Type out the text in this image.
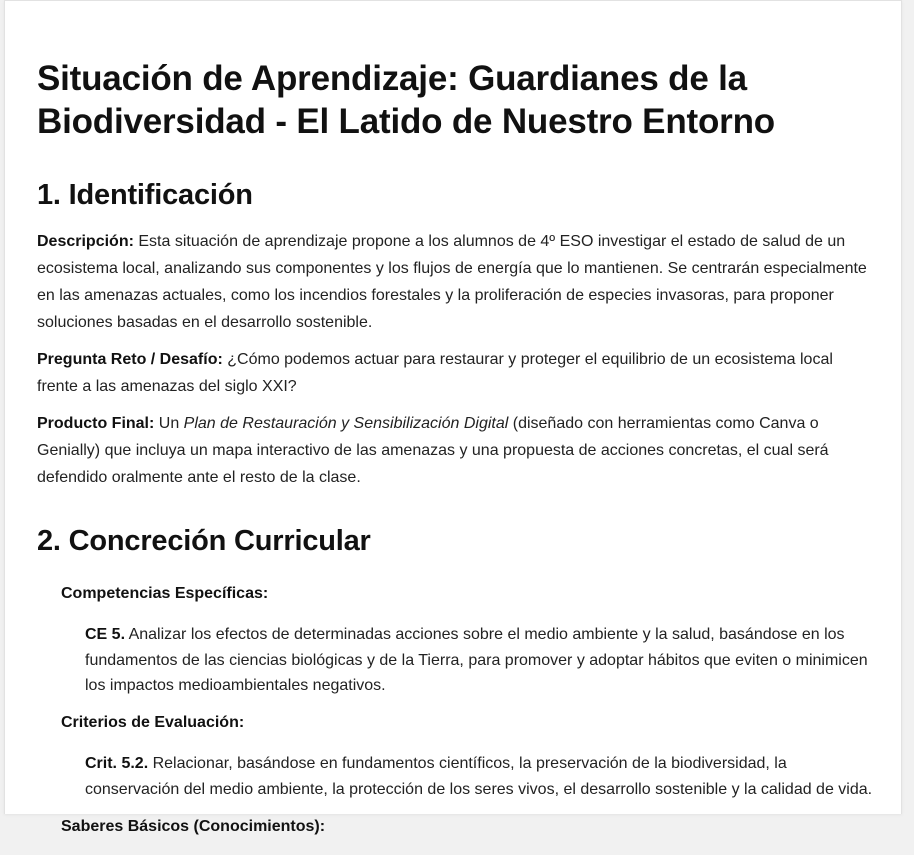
Situación de Aprendizaje: Guardianes de la Biodiversidad - El Latido de Nuestro Entorno
1. Identificación

Descripción: Esta situación de aprendizaje propone a los alumnos de 4º ESO investigar el estado de salud de un ecosistema local, analizando sus componentes y los flujos de energía que lo mantienen. Se centrarán especialmente en las amenazas actuales, como los incendios forestales y la proliferación de especies invasoras, para proponer soluciones basadas en el desarrollo sostenible.

Pregunta Reto / Desafío: ¿Cómo podemos actuar para restaurar y proteger el equilibrio de un ecosistema local frente a las amenazas del siglo XXI?

Producto Final: Un Plan de Restauración y Sensibilización Digital (diseñado con herramientas como Canva o Genially) que incluya un mapa interactivo de las amenazas y una propuesta de acciones concretas, el cual será defendido oralmente ante el resto de la clase.

2. Concreción Curricular
Competencias Específicas:
CE 5. Analizar los efectos de determinadas acciones sobre el medio ambiente y la salud, basándose en los fundamentos de las ciencias biológicas y de la Tierra, para promover y adoptar hábitos que eviten o minimicen los impactos medioambientales negativos.
Criterios de Evaluación:
Crit. 5.2. Relacionar, basándose en fundamentos científicos, la preservación de la biodiversidad, la conservación del medio ambiente, la protección de los seres vivos, el desarrollo sostenible y la calidad de vida.
Saberes Básicos (Conocimientos):
